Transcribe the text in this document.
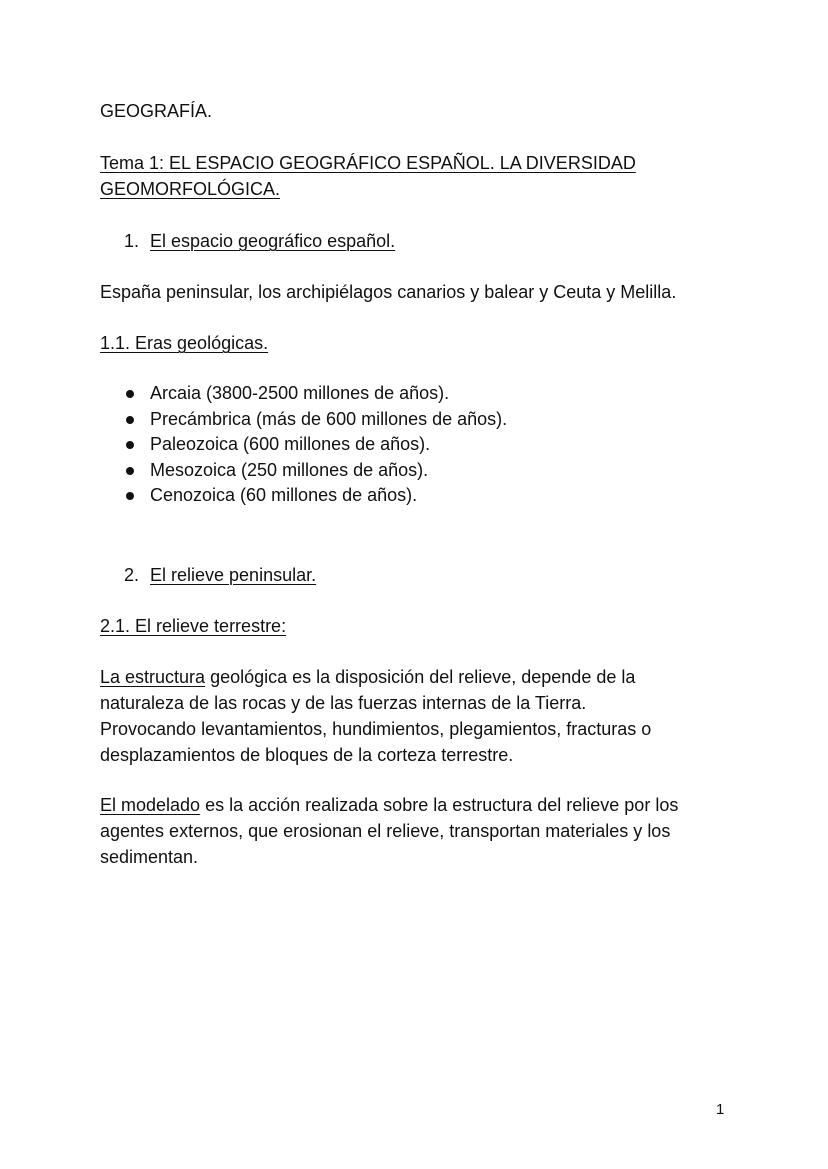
GEOGRAFÍA.

Tema 1: EL ESPACIO GEOGRÁFICO ESPAÑOL. LA DIVERSIDAD
GEOMORFOLÓGICA.

1. El espacio geográfico español.

España peninsular, los archipiélagos canarios y balear y Ceuta y Melilla.

1.1. Eras geológicas.

Arcaia (3800-2500 millones de años).
Precámbrica (más de 600 millones de años).
Paleozoica (600 millones de años).
Mesozoica (250 millones de años).
Cenozoica (60 millones de años).

2. El relieve peninsular.

2.1. El relieve terrestre:

La estructura geológica es la disposición del relieve, depende de la
naturaleza de las rocas y de las fuerzas internas de la Tierra.
Provocando levantamientos, hundimientos, plegamientos, fracturas o
desplazamientos de bloques de la corteza terrestre.

El modelado es la acción realizada sobre la estructura del relieve por los
agentes externos, que erosionan el relieve, transportan materiales y los
sedimentan.

1
